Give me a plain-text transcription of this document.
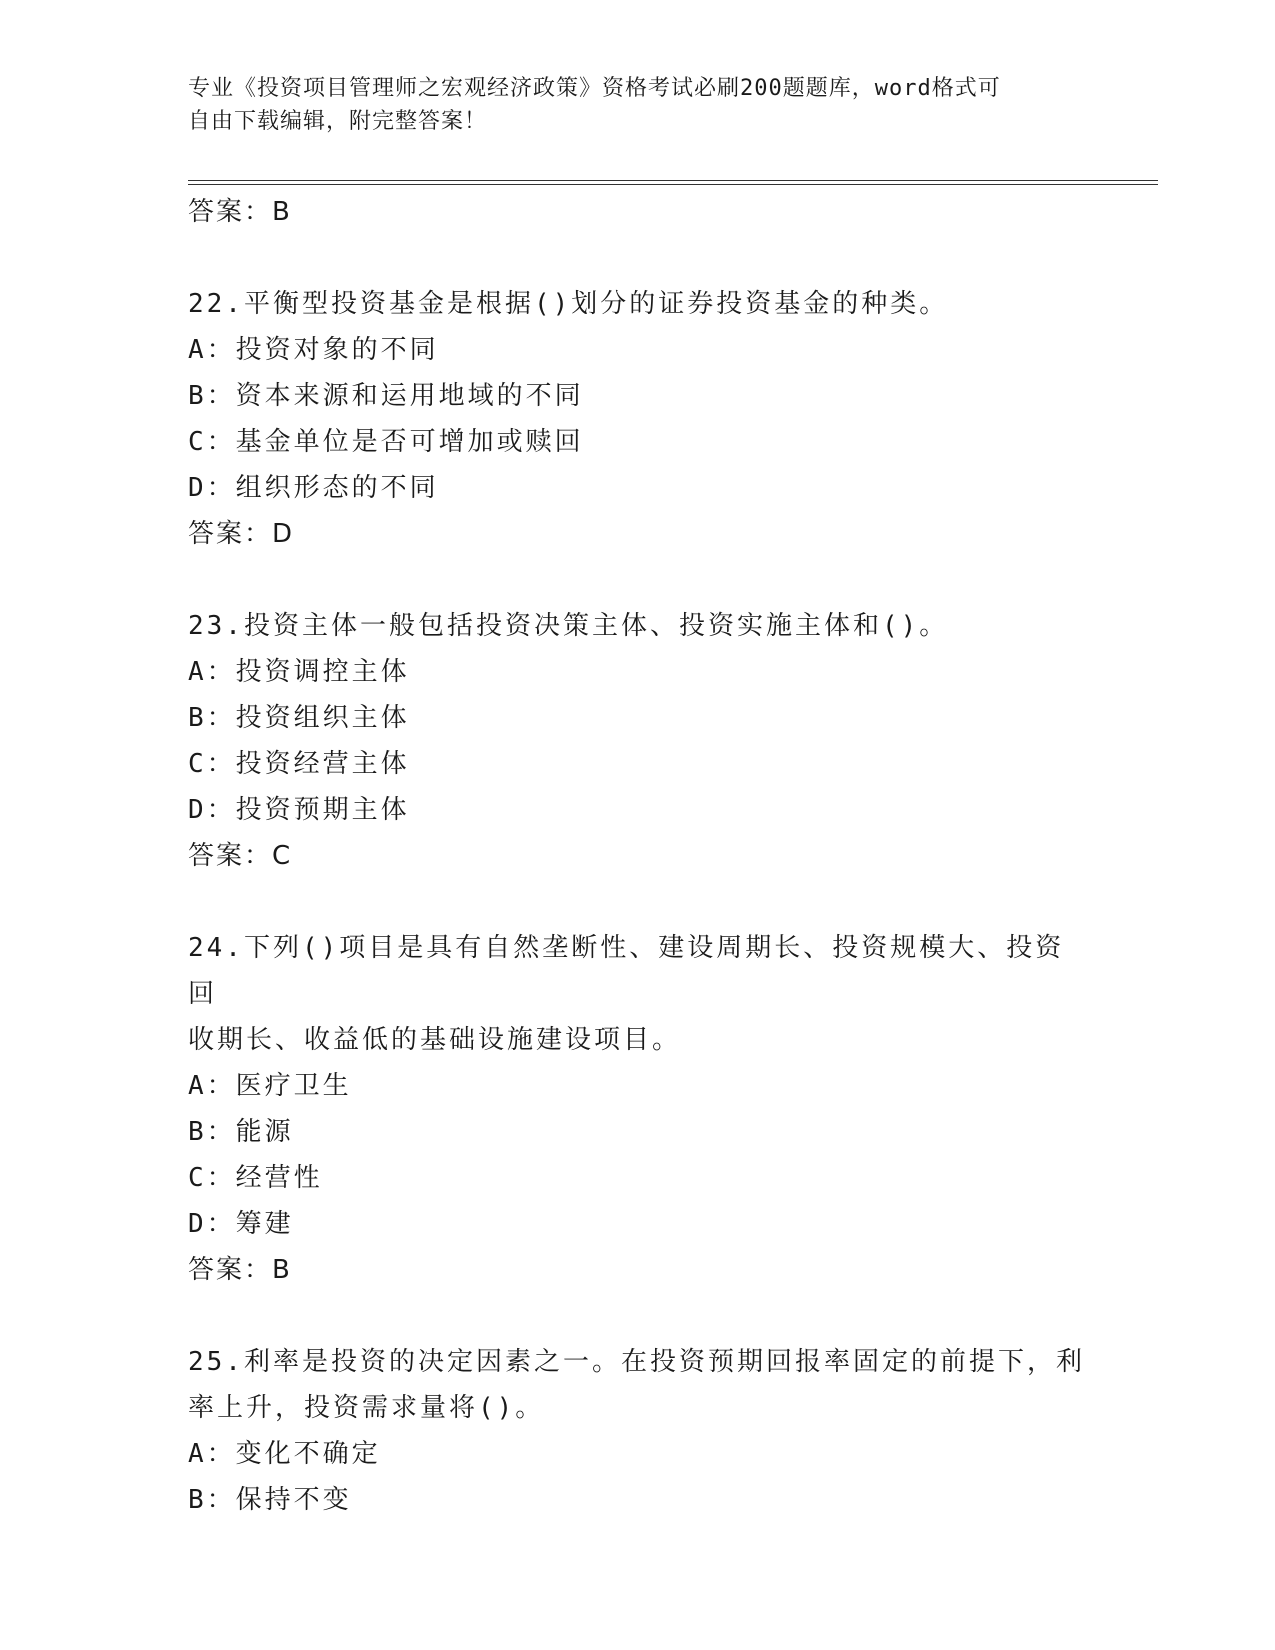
专业《投资项目管理师之宏观经济政策》资格考试必刷200题题库，word格式可
自由下载编辑，附完整答案！

答案：B

22.平衡型投资基金是根据()划分的证券投资基金的种类。

A：投资对象的不同

B：资本来源和运用地域的不同

C：基金单位是否可增加或赎回

D：组织形态的不同

答案：D

23.投资主体一般包括投资决策主体、投资实施主体和()。

A：投资调控主体

B：投资组织主体

C：投资经营主体

D：投资预期主体

答案：C

24.下列()项目是具有自然垄断性、建设周期长、投资规模大、投资回

收期长、收益低的基础设施建设项目。

A：医疗卫生

B：能源

C：经营性

D：筹建

答案：B

25.利率是投资的决定因素之一。在投资预期回报率固定的前提下，利

率上升，投资需求量将()。

A：变化不确定

B：保持不变
